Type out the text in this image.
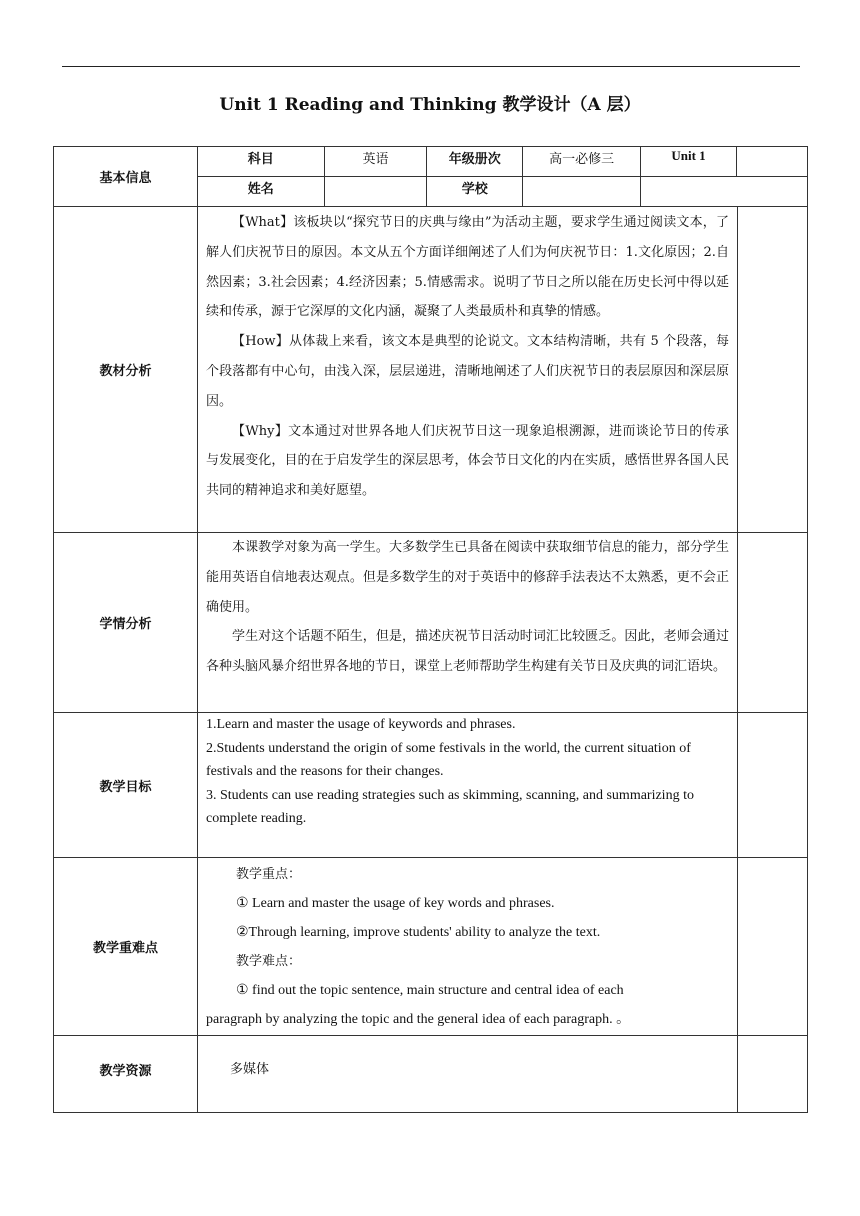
Unit 1 Reading and Thinking 教学设计（A 层）
基本信息	
科目	英语	年级册次	高一必修三	Unit 1	
姓名		学校		

教材分析	

【What】该板块以“探究节日的庆典与缘由”为活动主题，要求学生通过阅读文本，了解人们庆祝节日的原因。本文从五个方面详细阐述了人们为何庆祝节日：1.文化原因；2.自然因素；3.社会因素；4.经济因素；5.情感需求。说明了节日之所以能在历史长河中得以延续和传承，源于它深厚的文化内涵，凝聚了人类最质朴和真挚的情感。

【How】从体裁上来看，该文本是典型的论说文。文本结构清晰，共有 5 个段落，每个段落都有中心句，由浅入深，层层递进，清晰地阐述了人们庆祝节日的表层原因和深层原因。

【Why】文本通过对世界各地人们庆祝节日这一现象追根溯源，进而谈论节日的传承与发展变化，目的在于启发学生的深层思考，体会节日文化的内在实质，感悟世界各国人民共同的精神追求和美好愿望。

学情分析	

本课教学对象为高一学生。大多数学生已具备在阅读中获取细节信息的能力，部分学生能用英语自信地表达观点。但是多数学生的对于英语中的修辞手法表达不太熟悉，更不会正确使用。

学生对这个话题不陌生，但是，描述庆祝节日活动时词汇比较匮乏。因此，老师会通过各种头脑风暴介绍世界各地的节日，课堂上老师帮助学生构建有关节日及庆典的词汇语块。

教学目标	
1.Learn and master the usage of keywords and phrases.
2.Students understand the origin of some festivals in the world, the current situation of festivals and the reasons for their changes.
3. Students can use reading strategies such as skimming, scanning, and summarizing to complete reading.

教学重难点	
教学重点：
① Learn and master the usage of key words and phrases.
②Through learning, improve students' ability to analyze the text.
教学难点：
① find out the topic sentence, main structure and central idea of each
paragraph by analyzing the topic and the general idea of each paragraph. 。

教学资源	多媒体	
